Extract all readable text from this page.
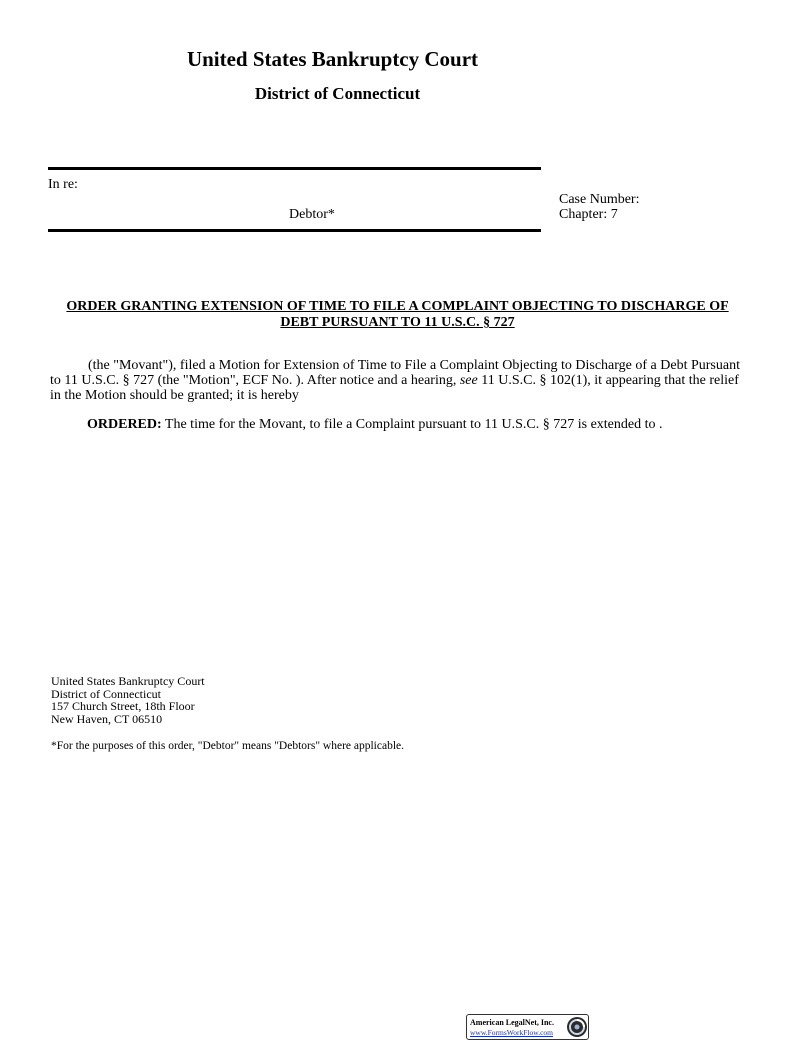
United States Bankruptcy Court
District of Connecticut
In re:
Debtor*
Case Number:
Chapter: 7
ORDER GRANTING EXTENSION OF TIME TO FILE A COMPLAINT OBJECTING TO DISCHARGE OF DEBT PURSUANT TO 11 U.S.C. § 727
(the "Movant"), filed a Motion for Extension of Time to File a Complaint Objecting to Discharge of a Debt Pursuant to 11 U.S.C. § 727 (the "Motion", ECF No. ). After notice and a hearing, see 11 U.S.C. § 102(1), it appearing that the relief in the Motion should be granted; it is hereby
ORDERED: The time for the Movant, to file a Complaint pursuant to 11 U.S.C. § 727 is extended to .
United States Bankruptcy Court
District of Connecticut
157 Church Street, 18th Floor
New Haven, CT 06510
*For the purposes of this order, "Debtor" means "Debtors" where applicable.
American LegalNet, Inc.
www.FormsWorkFlow.com
